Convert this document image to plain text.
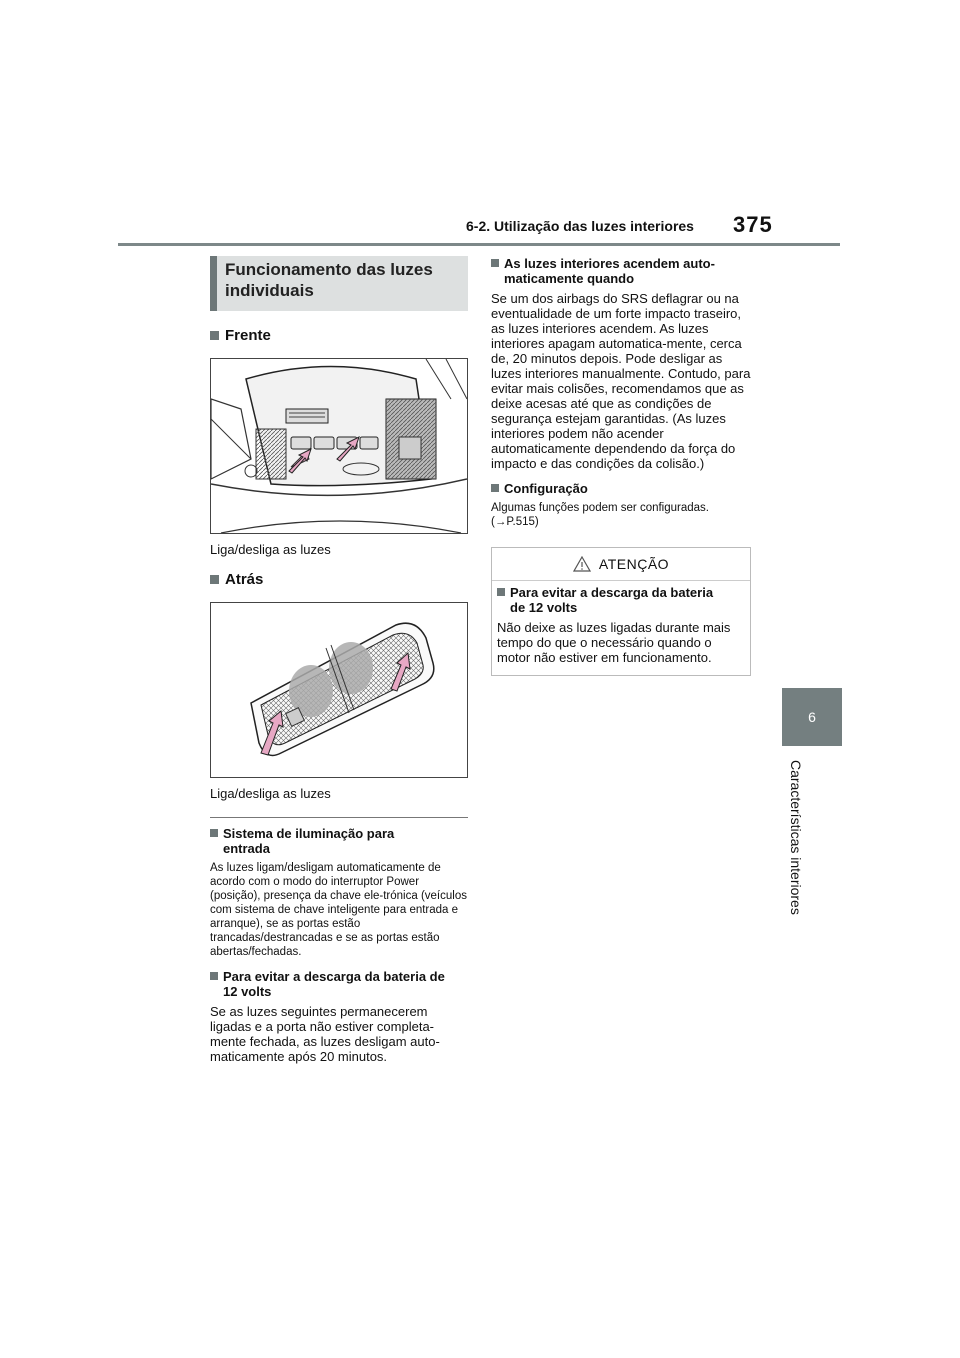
6-2. Utilização das luzes interiores 375
6
Características interiores
Funcionamento das luzes
individuais
Frente
Liga/desliga as luzes
Atrás
Liga/desliga as luzes
Sistema de iluminação para
entrada
As luzes ligam/desligam automaticamente de acordo com o modo do interruptor Power (posição), presença da chave ele-trónica (veículos com sistema de chave inteligente para entrada e arranque), se as portas estão trancadas/destrancadas e se as portas estão abertas/fechadas.
Para evitar a descarga da bateria de
12 volts
Se as luzes seguintes permanecerem ligadas e a porta não estiver completa-mente fechada, as luzes desligam auto-maticamente após 20 minutos.
As luzes interiores acendem auto-
maticamente quando
Se um dos airbags do SRS deflagrar ou na eventualidade de um forte impacto traseiro, as luzes interiores acendem. As luzes interiores apagam automatica-mente, cerca de, 20 minutos depois. Pode desligar as luzes interiores manualmente. Contudo, para evitar mais colisões, recomendamos que as deixe acesas até que as condições de segurança estejam garantidas. (As luzes interiores podem não acender automaticamente dependendo da força do impacto e das condições da colisão.)
Configuração
Algumas funções podem ser configuradas. (→P.515)
ATENÇÃO
Para evitar a descarga da bateria
de 12 volts
Não deixe as luzes ligadas durante mais tempo do que o necessário quando o motor não estiver em funcionamento.
